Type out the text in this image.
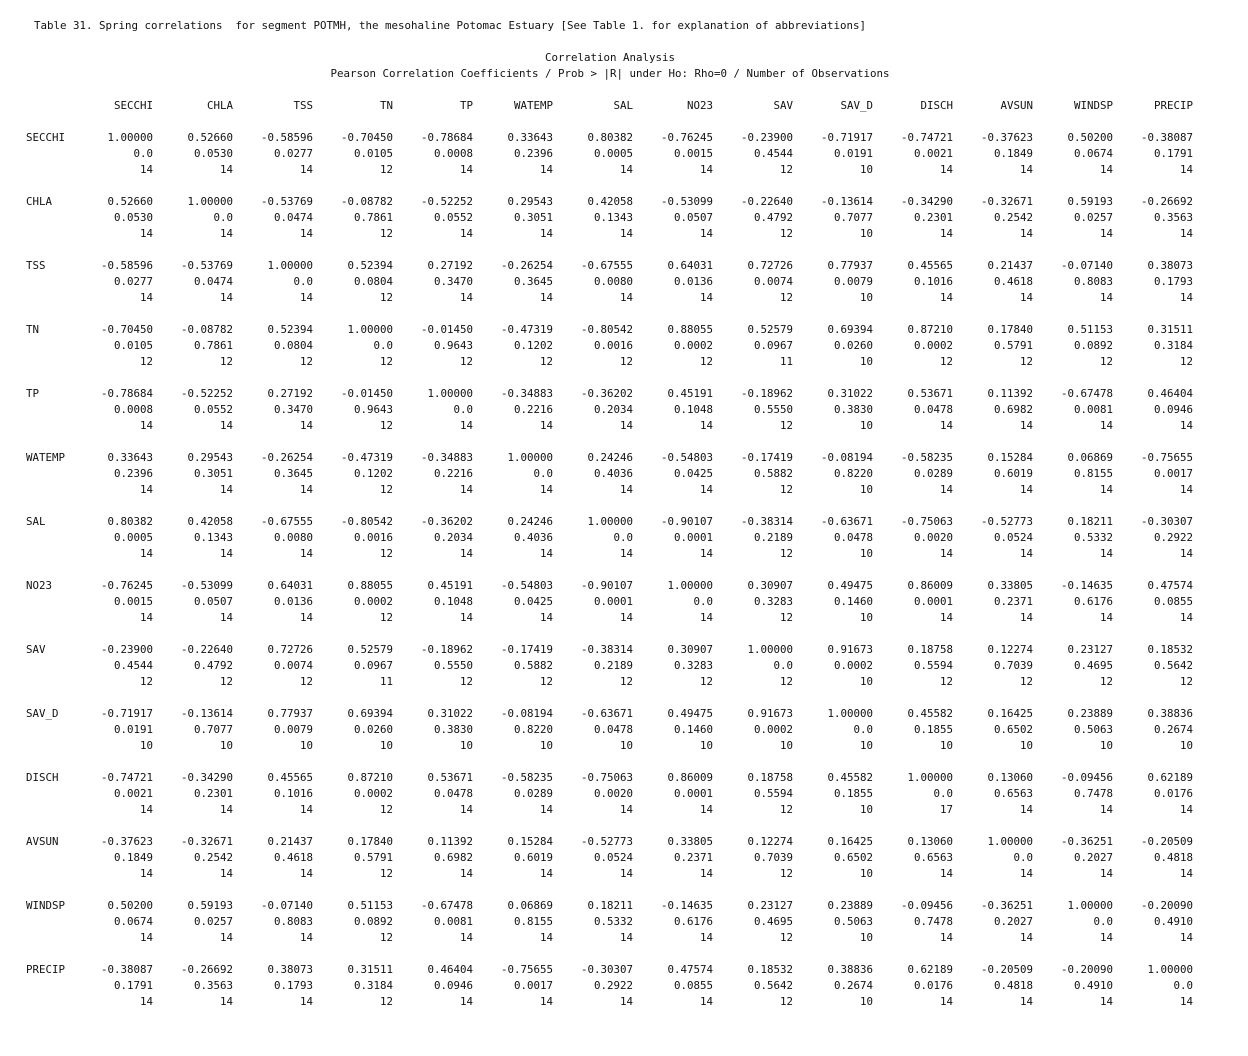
Table 31. Spring correlations  for segment POTMH, the mesohaline Potomac Estuary [See Table 1. for explanation of abbreviations]
Correlation Analysis
Pearson Correlation Coefficients / Prob > |R| under Ho: Rho=0 / Number of Observations
SECCHI	CHLA	TSS	TN	TP	WATEMP	SAL	NO23	SAV	SAV_D	DISCH	AVSUN	WINDSP	PRECIP
SECCHI	1.00000	0.52660	-0.58596	-0.70450	-0.78684	0.33643	0.80382	-0.76245	-0.23900	-0.71917	-0.74721	-0.37623	0.50200	-0.38087
0.0	0.0530	0.0277	0.0105	0.0008	0.2396	0.0005	0.0015	0.4544	0.0191	0.0021	0.1849	0.0674	0.1791
14	14	14	12	14	14	14	14	12	10	14	14	14	14
CHLA	0.52660	1.00000	-0.53769	-0.08782	-0.52252	0.29543	0.42058	-0.53099	-0.22640	-0.13614	-0.34290	-0.32671	0.59193	-0.26692
0.0530	0.0	0.0474	0.7861	0.0552	0.3051	0.1343	0.0507	0.4792	0.7077	0.2301	0.2542	0.0257	0.3563
14	14	14	12	14	14	14	14	12	10	14	14	14	14
TSS	-0.58596	-0.53769	1.00000	0.52394	0.27192	-0.26254	-0.67555	0.64031	0.72726	0.77937	0.45565	0.21437	-0.07140	0.38073
0.0277	0.0474	0.0	0.0804	0.3470	0.3645	0.0080	0.0136	0.0074	0.0079	0.1016	0.4618	0.8083	0.1793
14	14	14	12	14	14	14	14	12	10	14	14	14	14
TN	-0.70450	-0.08782	0.52394	1.00000	-0.01450	-0.47319	-0.80542	0.88055	0.52579	0.69394	0.87210	0.17840	0.51153	0.31511
0.0105	0.7861	0.0804	0.0	0.9643	0.1202	0.0016	0.0002	0.0967	0.0260	0.0002	0.5791	0.0892	0.3184
12	12	12	12	12	12	12	12	11	10	12	12	12	12
TP	-0.78684	-0.52252	0.27192	-0.01450	1.00000	-0.34883	-0.36202	0.45191	-0.18962	0.31022	0.53671	0.11392	-0.67478	0.46404
0.0008	0.0552	0.3470	0.9643	0.0	0.2216	0.2034	0.1048	0.5550	0.3830	0.0478	0.6982	0.0081	0.0946
14	14	14	12	14	14	14	14	12	10	14	14	14	14
WATEMP	0.33643	0.29543	-0.26254	-0.47319	-0.34883	1.00000	0.24246	-0.54803	-0.17419	-0.08194	-0.58235	0.15284	0.06869	-0.75655
0.2396	0.3051	0.3645	0.1202	0.2216	0.0	0.4036	0.0425	0.5882	0.8220	0.0289	0.6019	0.8155	0.0017
14	14	14	12	14	14	14	14	12	10	14	14	14	14
SAL	0.80382	0.42058	-0.67555	-0.80542	-0.36202	0.24246	1.00000	-0.90107	-0.38314	-0.63671	-0.75063	-0.52773	0.18211	-0.30307
0.0005	0.1343	0.0080	0.0016	0.2034	0.4036	0.0	0.0001	0.2189	0.0478	0.0020	0.0524	0.5332	0.2922
14	14	14	12	14	14	14	14	12	10	14	14	14	14
NO23	-0.76245	-0.53099	0.64031	0.88055	0.45191	-0.54803	-0.90107	1.00000	0.30907	0.49475	0.86009	0.33805	-0.14635	0.47574
0.0015	0.0507	0.0136	0.0002	0.1048	0.0425	0.0001	0.0	0.3283	0.1460	0.0001	0.2371	0.6176	0.0855
14	14	14	12	14	14	14	14	12	10	14	14	14	14
SAV	-0.23900	-0.22640	0.72726	0.52579	-0.18962	-0.17419	-0.38314	0.30907	1.00000	0.91673	0.18758	0.12274	0.23127	0.18532
0.4544	0.4792	0.0074	0.0967	0.5550	0.5882	0.2189	0.3283	0.0	0.0002	0.5594	0.7039	0.4695	0.5642
12	12	12	11	12	12	12	12	12	10	12	12	12	12
SAV_D	-0.71917	-0.13614	0.77937	0.69394	0.31022	-0.08194	-0.63671	0.49475	0.91673	1.00000	0.45582	0.16425	0.23889	0.38836
0.0191	0.7077	0.0079	0.0260	0.3830	0.8220	0.0478	0.1460	0.0002	0.0	0.1855	0.6502	0.5063	0.2674
10	10	10	10	10	10	10	10	10	10	10	10	10	10
DISCH	-0.74721	-0.34290	0.45565	0.87210	0.53671	-0.58235	-0.75063	0.86009	0.18758	0.45582	1.00000	0.13060	-0.09456	0.62189
0.0021	0.2301	0.1016	0.0002	0.0478	0.0289	0.0020	0.0001	0.5594	0.1855	0.0	0.6563	0.7478	0.0176
14	14	14	12	14	14	14	14	12	10	17	14	14	14
AVSUN	-0.37623	-0.32671	0.21437	0.17840	0.11392	0.15284	-0.52773	0.33805	0.12274	0.16425	0.13060	1.00000	-0.36251	-0.20509
0.1849	0.2542	0.4618	0.5791	0.6982	0.6019	0.0524	0.2371	0.7039	0.6502	0.6563	0.0	0.2027	0.4818
14	14	14	12	14	14	14	14	12	10	14	14	14	14
WINDSP	0.50200	0.59193	-0.07140	0.51153	-0.67478	0.06869	0.18211	-0.14635	0.23127	0.23889	-0.09456	-0.36251	1.00000	-0.20090
0.0674	0.0257	0.8083	0.0892	0.0081	0.8155	0.5332	0.6176	0.4695	0.5063	0.7478	0.2027	0.0	0.4910
14	14	14	12	14	14	14	14	12	10	14	14	14	14
PRECIP	-0.38087	-0.26692	0.38073	0.31511	0.46404	-0.75655	-0.30307	0.47574	0.18532	0.38836	0.62189	-0.20509	-0.20090	1.00000
0.1791	0.3563	0.1793	0.3184	0.0946	0.0017	0.2922	0.0855	0.5642	0.2674	0.0176	0.4818	0.4910	0.0
14	14	14	12	14	14	14	14	12	10	14	14	14	14
